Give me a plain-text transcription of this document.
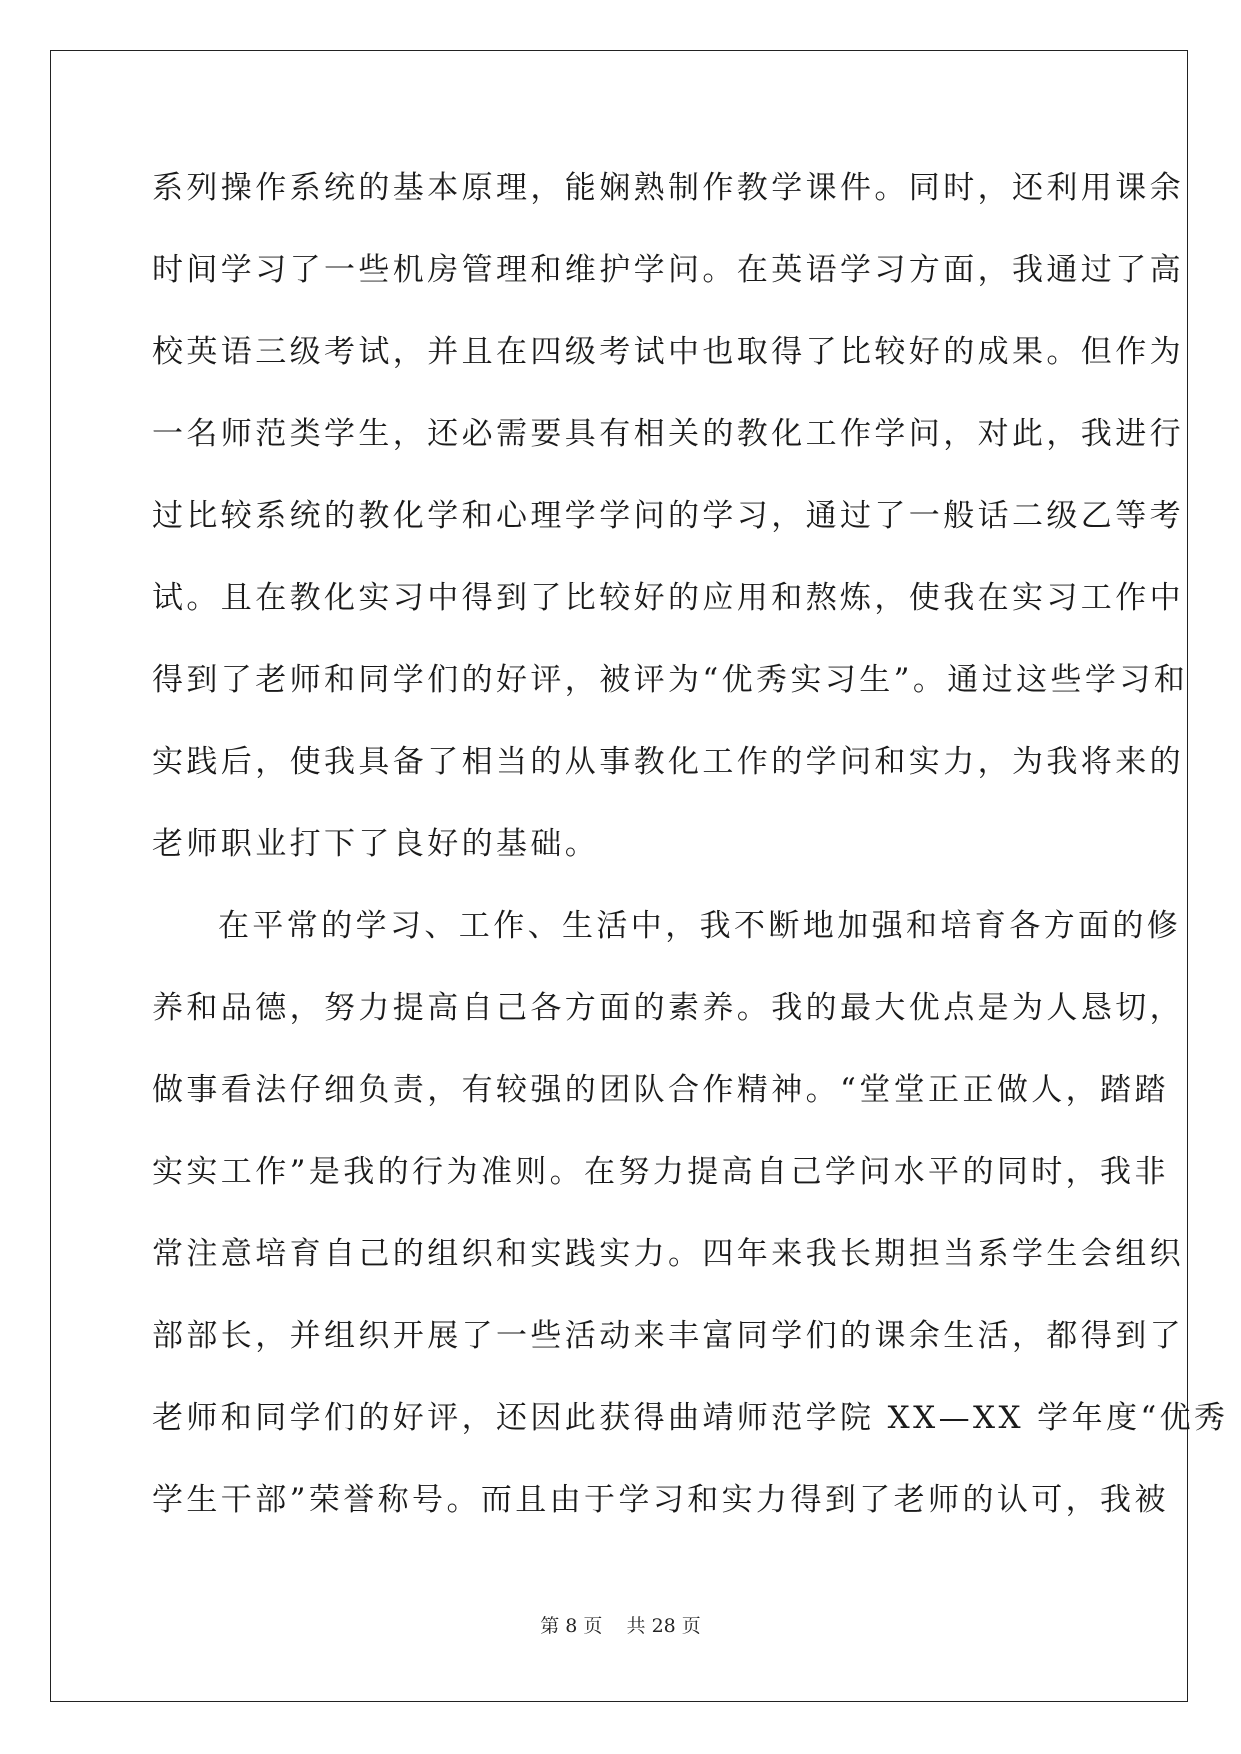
系列操作系统的基本原理，能娴熟制作教学课件。同时，还利用课余
时间学习了一些机房管理和维护学问。在英语学习方面，我通过了高
校英语三级考试，并且在四级考试中也取得了比较好的成果。但作为
一名师范类学生，还必需要具有相关的教化工作学问，对此，我进行
过比较系统的教化学和心理学学问的学习，通过了一般话二级乙等考
试。且在教化实习中得到了比较好的应用和熬炼，使我在实习工作中
得到了老师和同学们的好评，被评为“优秀实习生”。通过这些学习和
实践后，使我具备了相当的从事教化工作的学问和实力，为我将来的
老师职业打下了良好的基础。
在平常的学习、工作、生活中，我不断地加强和培育各方面的修
养和品德，努力提高自己各方面的素养。我的最大优点是为人恳切，
做事看法仔细负责，有较强的团队合作精神。“堂堂正正做人，踏踏
实实工作”是我的行为准则。在努力提高自己学问水平的同时，我非
常注意培育自己的组织和实践实力。四年来我长期担当系学生会组织
部部长，并组织开展了一些活动来丰富同学们的课余生活，都得到了
老师和同学们的好评，还因此获得曲靖师范学院 XX—XX 学年度“优秀
学生干部”荣誉称号。而且由于学习和实力得到了老师的认可，我被
第 8 页    共 28 页
